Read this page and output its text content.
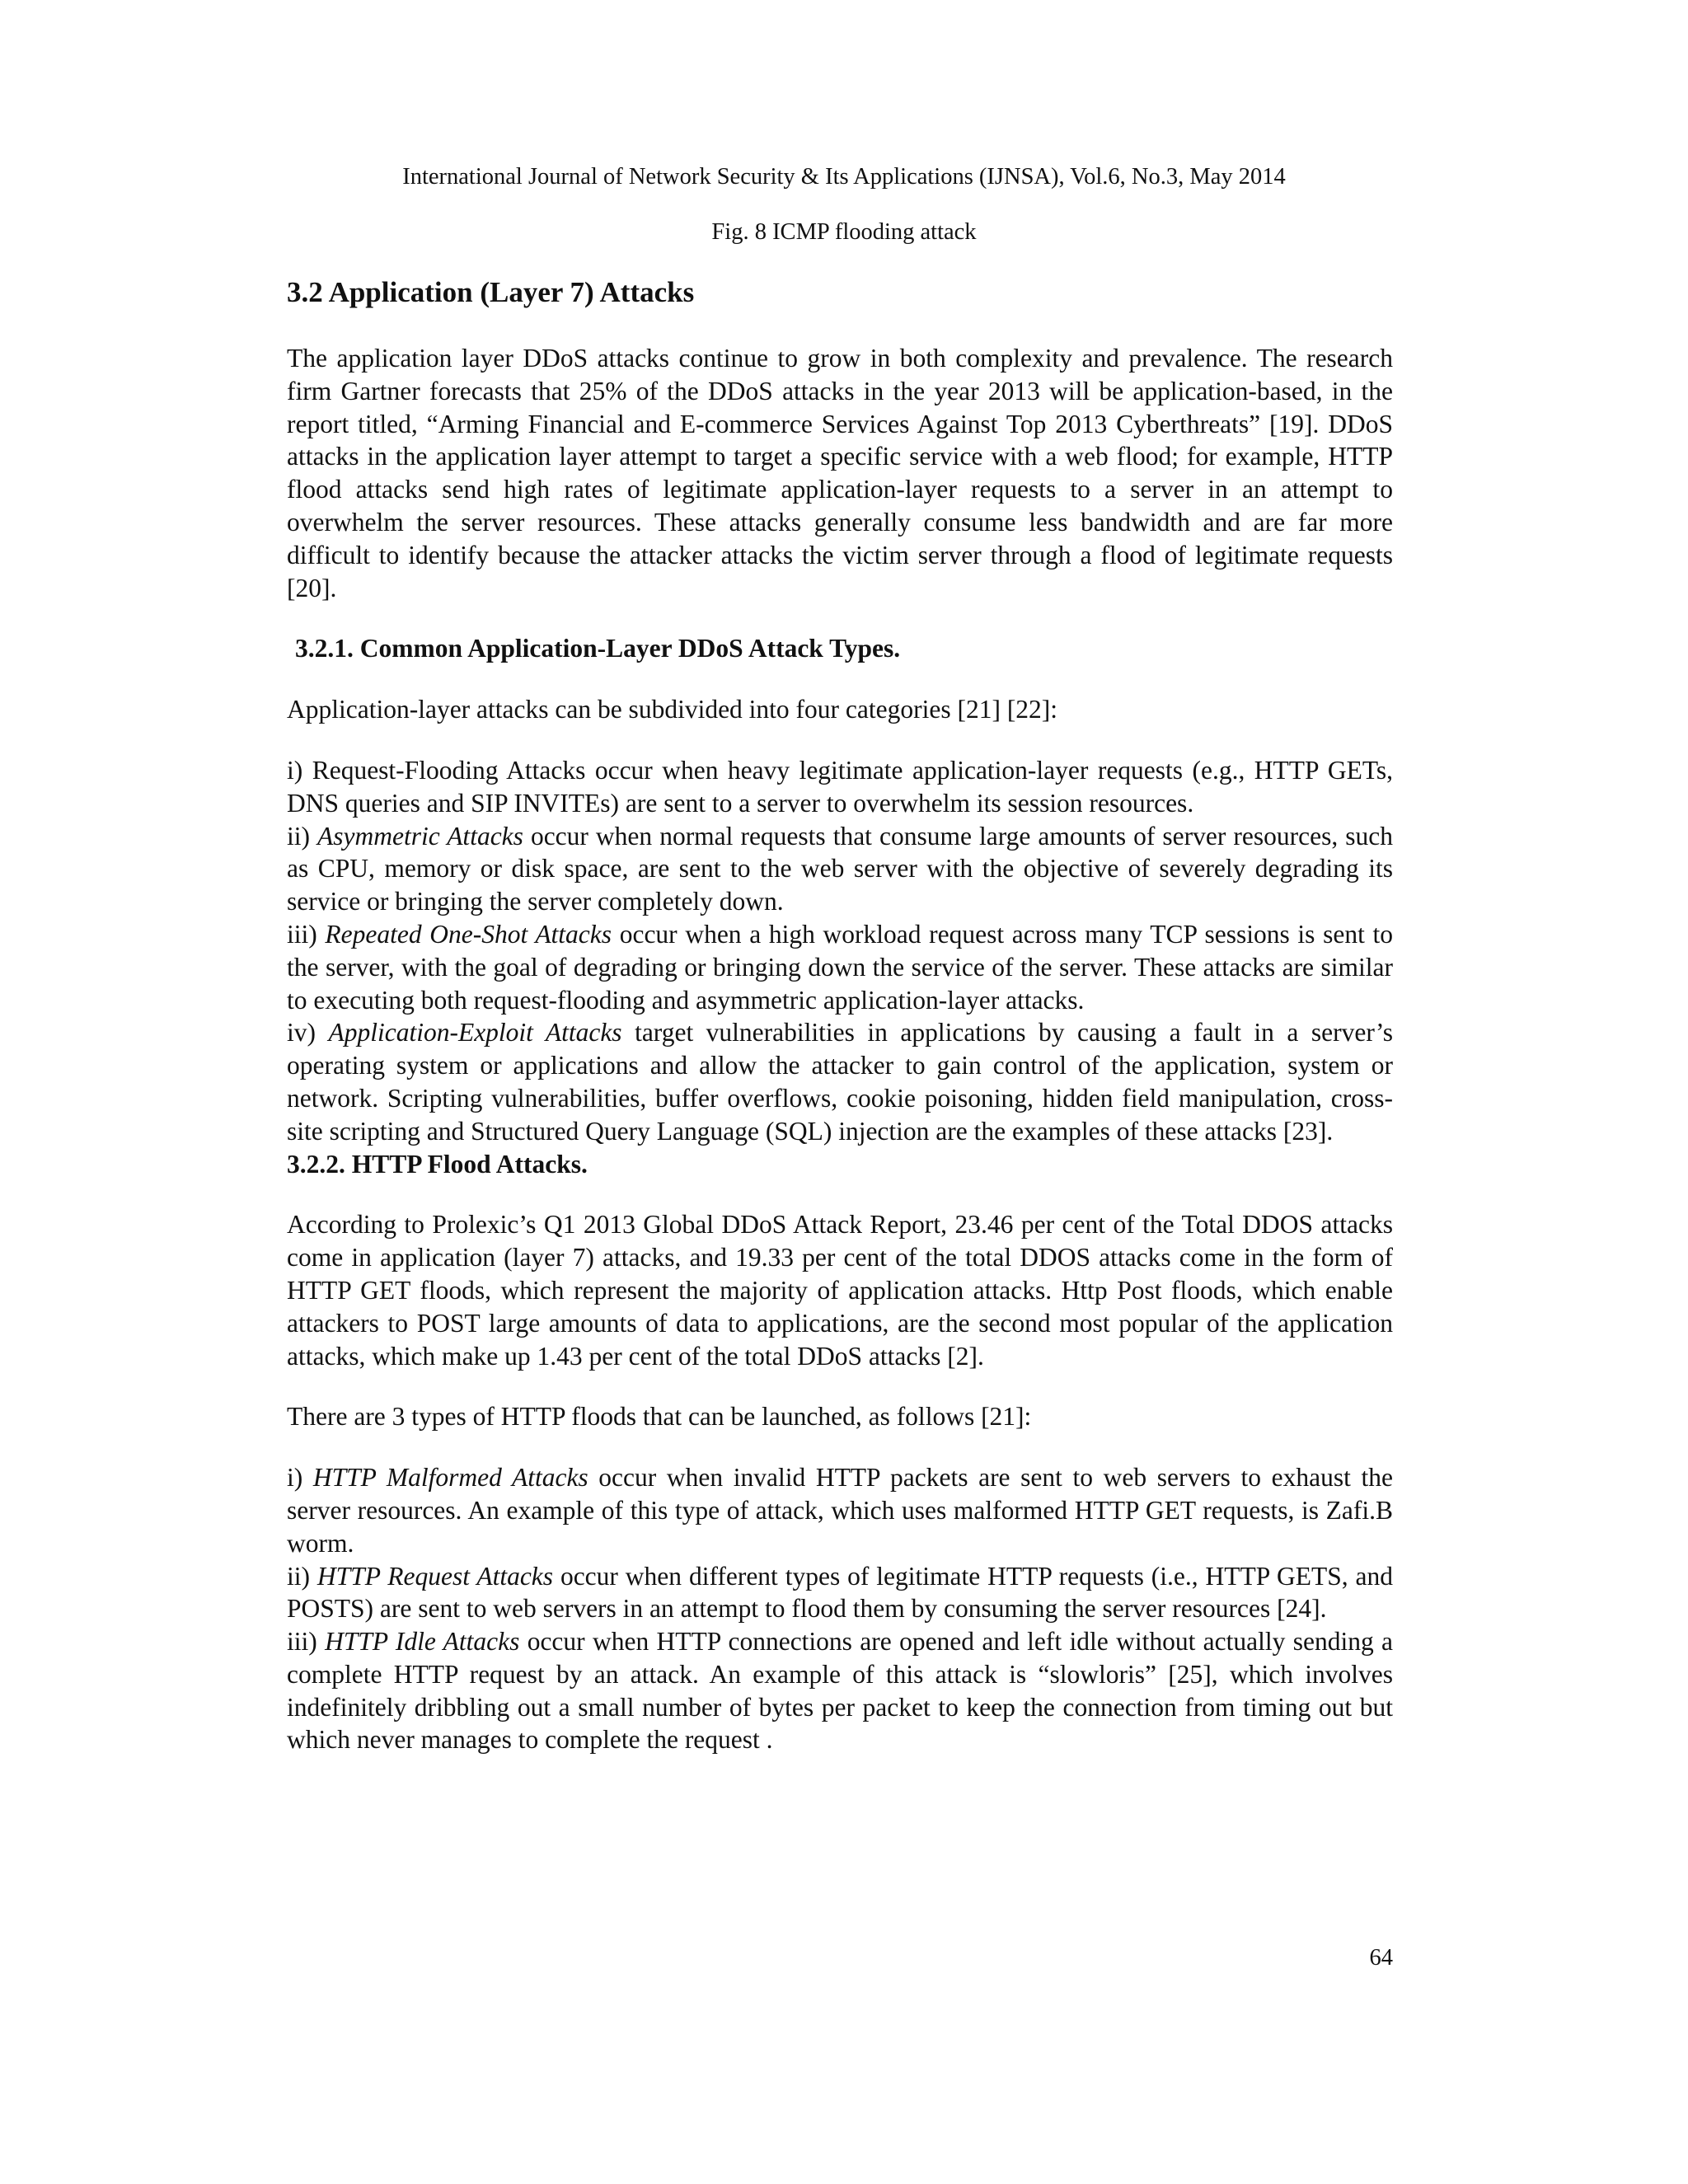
International Journal of Network Security & Its Applications (IJNSA), Vol.6, No.3, May 2014
Fig. 8 ICMP flooding attack
3.2 Application (Layer 7) Attacks

The application layer DDoS attacks continue to grow in both complexity and prevalence. The research firm Gartner forecasts that 25% of the DDoS attacks in the year 2013 will be application-based, in the report titled, “Arming Financial and E-commerce Services Against Top 2013 Cyberthreats” [19]. DDoS attacks in the application layer attempt to target a specific service with a web flood; for example, HTTP flood attacks send high rates of legitimate application-layer requests to a server in an attempt to overwhelm the server resources. These attacks generally consume less bandwidth and are far more difficult to identify because the attacker attacks the victim server through a flood of legitimate requests [20].

3.2.1. Common Application-Layer DDoS Attack Types.

Application-layer attacks can be subdivided into four categories [21] [22]:

i) Request-Flooding Attacks occur when heavy legitimate application-layer requests (e.g., HTTP GETs, DNS queries and SIP INVITEs) are sent to a server to overwhelm its session resources.

ii) Asymmetric Attacks occur when normal requests that consume large amounts of server resources, such as CPU, memory or disk space, are sent to the web server with the objective of severely degrading its service or bringing the server completely down.

iii) Repeated One-Shot Attacks occur when a high workload request across many TCP sessions is sent to the server, with the goal of degrading or bringing down the service of the server. These attacks are similar to executing both request-flooding and asymmetric application-layer attacks.

iv) Application-Exploit Attacks target vulnerabilities in applications by causing a fault in a server’s operating system or applications and allow the attacker to gain control of the application, system or network. Scripting vulnerabilities, buffer overflows, cookie poisoning, hidden field manipulation, cross-site scripting and Structured Query Language (SQL) injection are the examples of these attacks [23].

3.2.2. HTTP Flood Attacks.

According to Prolexic’s Q1 2013 Global DDoS Attack Report, 23.46 per cent of the Total DDOS attacks come in application (layer 7) attacks, and 19.33 per cent of the total DDOS attacks come in the form of HTTP GET floods, which represent the majority of application attacks. Http Post floods, which enable attackers to POST large amounts of data to applications, are the second most popular of the application attacks, which make up 1.43 per cent of the total DDoS attacks [2].

There are 3 types of HTTP floods that can be launched, as follows [21]:

i) HTTP Malformed Attacks occur when invalid HTTP packets are sent to web servers to exhaust the server resources. An example of this type of attack, which uses malformed HTTP GET requests, is Zafi.B worm.

ii) HTTP Request Attacks occur when different types of legitimate HTTP requests (i.e., HTTP GETS, and POSTS) are sent to web servers in an attempt to flood them by consuming the server resources [24].

iii) HTTP Idle Attacks occur when HTTP connections are opened and left idle without actually sending a complete HTTP request by an attack. An example of this attack is “slowloris” [25], which involves indefinitely dribbling out a small number of bytes per packet to keep the connection from timing out but which never manages to complete the request .

64
